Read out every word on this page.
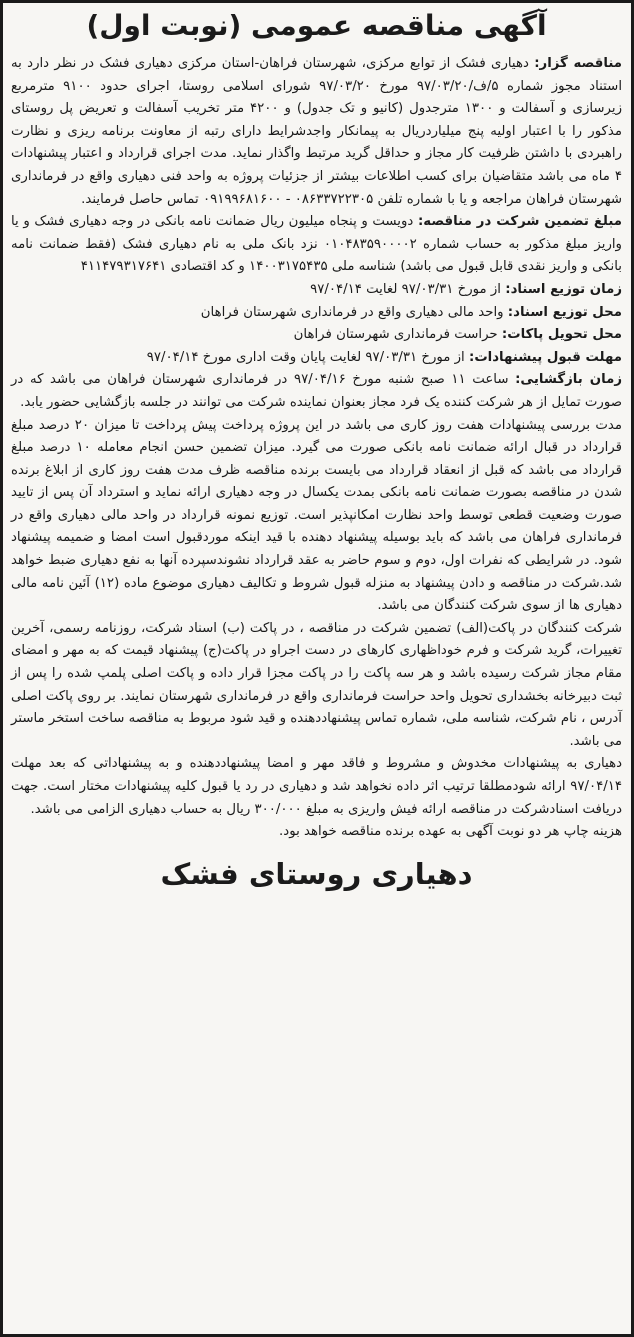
آگهی مناقصه عمومی (نوبت اول)

مناقصه گزار: دهیاری فشک از توابع مرکزی، شهرستان فراهان-استان مرکزی دهیاری فشک در نظر دارد به استناد مجوز شماره ۵/ف/۹۷/۰۳/۲۰ مورخ ۹۷/۰۳/۲۰ شورای اسلامی روستا، اجرای حدود ۹۱۰۰ مترمربع زیرسازی و آسفالت و ۱۳۰۰ مترجدول (کانیو و تک جدول) و ۴۲۰۰ متر تخریب آسفالت و تعریض پل روستای مذکور را با اعتبار اولیه پنج میلیاردریال به پیمانکار واجدشرایط دارای رتبه از معاونت برنامه ریزی و نظارت راهبردی با داشتن ظرفیت کار مجاز و حداقل گرید مرتبط واگذار نماید. مدت اجرای قرارداد و اعتبار پیشنهادات ۴ ماه می باشد متقاضیان برای کسب اطلاعات بیشتر از جزئیات پروژه به واحد فنی دهیاری واقع در فرمانداری شهرستان فراهان مراجعه و یا با شماره تلفن ۰۸۶۳۳۷۲۲۳۰۵ - ۰۹۱۹۹۶۸۱۶۰۰ تماس حاصل فرمایند.

مبلغ تضمین شرکت در مناقصه: دویست و پنجاه میلیون ریال ضمانت نامه بانکی در وجه دهیاری فشک و یا واریز مبلغ مذکور به حساب شماره ۰۱۰۴۸۳۵۹۰۰۰۰۲ نزد بانک ملی به نام دهیاری فشک (فقط ضمانت نامه بانکی و واریز نقدی قابل قبول می باشد) شناسه ملی ۱۴۰۰۳۱۷۵۴۳۵ و کد اقتصادی ۴۱۱۴۷۹۳۱۷۶۴۱

زمان توزیع اسناد: از مورخ ۹۷/۰۳/۳۱ لغایت ۹۷/۰۴/۱۴

محل توزیع اسناد: واحد مالی دهیاری واقع در فرمانداری شهرستان فراهان

محل تحویل پاکات: حراست فرمانداری شهرستان فراهان

مهلت قبول پیشنهادات: از مورخ ۹۷/۰۳/۳۱ لغایت پایان وقت اداری مورخ ۹۷/۰۴/۱۴

زمان بازگشایی: ساعت ۱۱ صبح شنبه مورخ ۹۷/۰۴/۱۶ در فرمانداری شهرستان فراهان می باشد که در صورت تمایل از هر شرکت کننده یک فرد مجاز بعنوان نماینده شرکت می توانند در جلسه بازگشایی حضور یابد.

مدت بررسی پیشنهادات هفت روز کاری می باشد در این پروژه پرداخت پیش پرداخت تا میزان ۲۰ درصد مبلغ قرارداد در قبال ارائه ضمانت نامه بانکی صورت می گیرد. میزان تضمین حسن انجام معامله ۱۰ درصد مبلغ قرارداد می باشد که قبل از انعقاد قرارداد می بایست برنده مناقصه ظرف مدت هفت روز کاری از ابلاغ برنده شدن در مناقصه بصورت ضمانت نامه بانکی بمدت یکسال در وجه دهیاری ارائه نماید و استرداد آن پس از تایید صورت وضعیت قطعی توسط واحد نظارت امکانپذیر است. توزیع نمونه قرارداد در واحد مالی دهیاری واقع در فرمانداری فراهان می باشد که باید بوسیله پیشنهاد دهنده با قید اینکه موردقبول است امضا و ضمیمه پیشنهاد شود. در شرایطی که نفرات اول، دوم و سوم حاضر به عقد قرارداد نشوندسپرده آنها به نفع دهیاری ضبط خواهد شد.شرکت در مناقصه و دادن پیشنهاد به منزله قبول شروط و تکالیف دهیاری موضوع ماده (۱۲) آئین نامه مالی دهیاری ها از سوی شرکت کنندگان می باشد.

شرکت کنندگان در پاکت(الف) تضمین شرکت در مناقصه ، در پاکت (ب) اسناد شرکت، روزنامه رسمی، آخرین تغییرات، گرید شرکت و فرم خوداظهاری کارهای در دست اجراو در پاکت(ج) پیشنهاد قیمت که به مهر و امضای مقام مجاز شرکت رسیده باشد و هر سه پاکت را در پاکت مجزا قرار داده و پاکت اصلی پلمپ شده را پس از ثبت دبیرخانه بخشداری تحویل واحد حراست فرمانداری واقع در فرمانداری شهرستان نمایند. بر روی پاکت اصلی آدرس ، نام شرکت، شناسه ملی، شماره تماس پیشنهاددهنده و قید شود مربوط به مناقصه ساخت استخر ماستر می باشد.

دهیاری به پیشنهادات مخدوش و مشروط و فاقد مهر و امضا پیشنهاددهنده و به پیشنهاداتی که بعد مهلت ۹۷/۰۴/۱۴ ارائه شودمطلقا ترتیب اثر داده نخواهد شد و دهیاری در رد یا قبول کلیه پیشنهادات مختار است. جهت دریافت اسنادشرکت در مناقصه ارائه فیش واریزی به مبلغ ۳۰۰/۰۰۰ ریال به حساب دهیاری الزامی می باشد.

هزینه چاپ هر دو نوبت آگهی به عهده برنده مناقصه خواهد بود.

دهیاری روستای فشک
